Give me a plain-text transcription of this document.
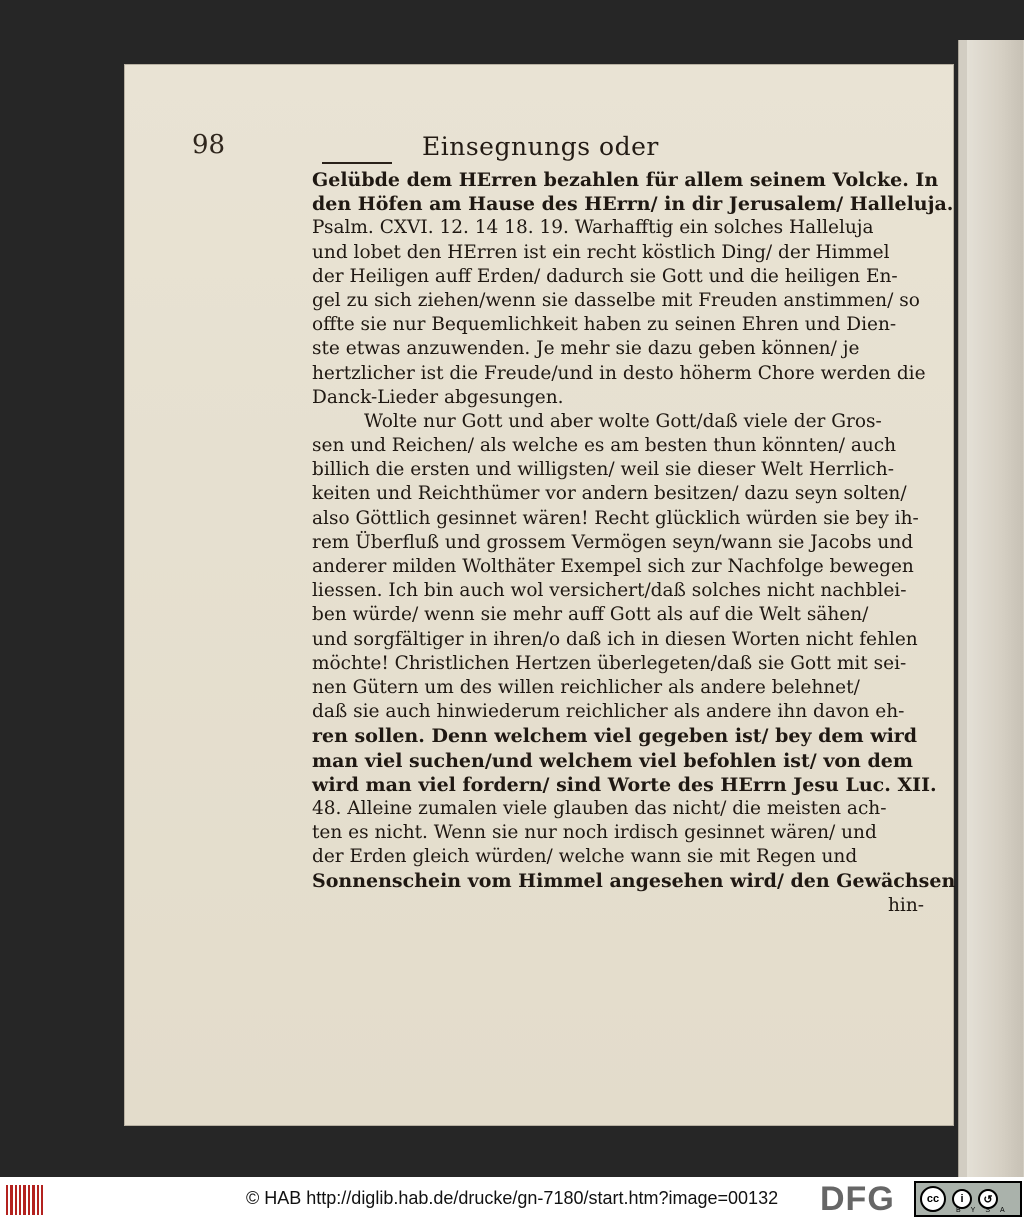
98	Einsegnungs oder
Gelübde dem HErren bezahlen für allem seinem Volcke. In
den Höfen am Hause des HErrn/ in dir Jerusalem/ Halleluja.
Psalm. CXVI. 12. 14 18. 19. Warhafftig ein solches Halleluja
und lobet den HErren ist ein recht köstlich Ding/ der Himmel
der Heiligen auff Erden/ dadurch sie Gott und die heiligen En-
gel zu sich ziehen/wenn sie dasselbe mit Freuden anstimmen/ so
offte sie nur Bequemlichkeit haben zu seinen Ehren und Dien-
ste etwas anzuwenden. Je mehr sie dazu geben können/ je
hertzlicher ist die Freude/und in desto höherm Chore werden die
Danck-Lieder abgesungen.
Wolte nur Gott und aber wolte Gott/daß viele der Gros-
sen und Reichen/ als welche es am besten thun könnten/ auch
billich die ersten und willigsten/ weil sie dieser Welt Herrlich-
keiten und Reichthümer vor andern besitzen/ dazu seyn solten/
also Göttlich gesinnet wären! Recht glücklich würden sie bey ih-
rem Überfluß und grossem Vermögen seyn/wann sie Jacobs und
anderer milden Wolthäter Exempel sich zur Nachfolge bewegen
liessen. Ich bin auch wol versichert/daß solches nicht nachblei-
ben würde/ wenn sie mehr auff Gott als auf die Welt sähen/
und sorgfältiger in ihren/o daß ich in diesen Worten nicht fehlen
möchte! Christlichen Hertzen überlegeten/daß sie Gott mit sei-
nen Gütern um des willen reichlicher als andere belehnet/
daß sie auch hinwiederum reichlicher als andere ihn davon eh-
ren sollen. Denn welchem viel gegeben ist/ bey dem wird
man viel suchen/und welchem viel befohlen ist/ von dem
wird man viel fordern/ sind Worte des HErrn Jesu Luc. XII.
48. Alleine zumalen viele glauben das nicht/ die meisten ach-
ten es nicht. Wenn sie nur noch irdisch gesinnet wären/ und
der Erden gleich würden/ welche wann sie mit Regen und
Sonnenschein vom Himmel angesehen wird/ den Gewächsen
hin-
© HAB http://diglib.hab.de/drucke/gn-7180/start.htm?image=00132 DFG	cc	i	↺
BYSA
